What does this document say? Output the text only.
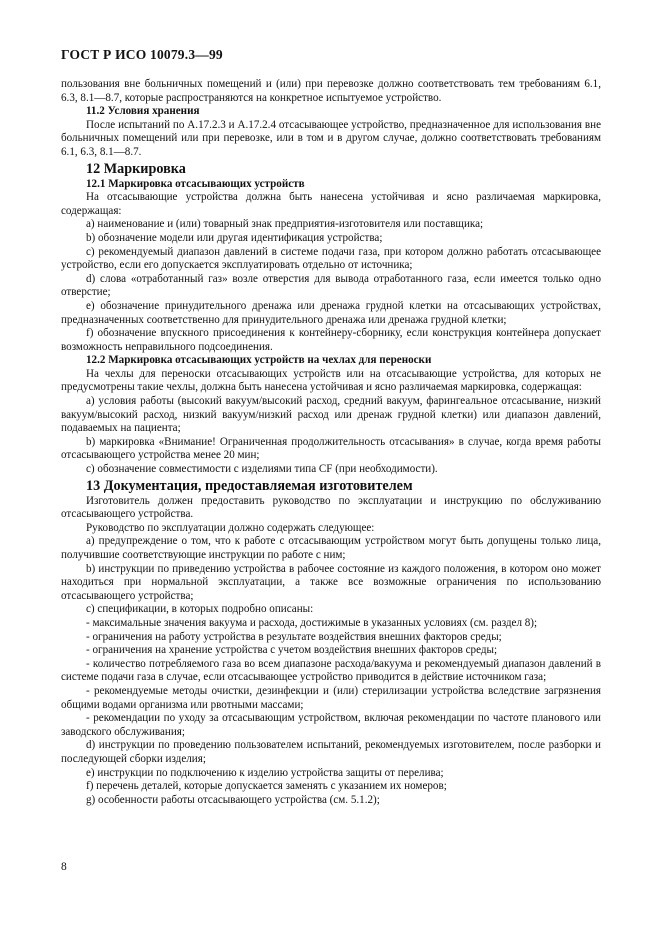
ГОСТ Р ИСО 10079.3—99

пользования вне больничных помещений и (или) при перевозке должно соответствовать тем требованиям 6.1, 6.3, 8.1—8.7, которые распространяются на конкретное испытуемое устройство.

11.2 Условия хранения

После испытаний по А.17.2.3 и А.17.2.4 отсасывающее устройство, предназначенное для использования вне больничных помещений или при перевозке, или в том и в другом случае, должно соответствовать требованиям 6.1, 6.3, 8.1—8.7.

12 Маркировка

12.1 Маркировка отсасывающих устройств

На отсасывающие устройства должна быть нанесена устойчивая и ясно различаемая маркировка, содержащая:

а) наименование и (или) товарный знак предприятия-изготовителя или поставщика;

b) обозначение модели или другая идентификация устройства;

с) рекомендуемый диапазон давлений в системе подачи газа, при котором должно работать отсасывающее устройство, если его допускается эксплуатировать отдельно от источника;

d) слова «отработанный газ» возле отверстия для вывода отработанного газа, если имеется только одно отверстие;

е) обозначение принудительного дренажа или дренажа грудной клетки на отсасывающих устройствах, предназначенных соответственно для принудительного дренажа или дренажа грудной клетки;

f) обозначение впускного присоединения к контейнеру-сборнику, если конструкция контейнера допускает возможность неправильного подсоединения.

12.2 Маркировка отсасывающих устройств на чехлах для переноски

На чехлы для переноски отсасывающих устройств или на отсасывающие устройства, для которых не предусмотрены такие чехлы, должна быть нанесена устойчивая и ясно различаемая маркировка, содержащая:

а) условия работы (высокий вакуум/высокий расход, средний вакуум, фарингеальное отсасывание, низкий вакуум/высокий расход, низкий вакуум/низкий расход или дренаж грудной клетки) или диапазон давлений, подаваемых на пациента;

b) маркировка «Внимание! Ограниченная продолжительность отсасывания» в случае, когда время работы отсасывающего устройства менее 20 мин;

с) обозначение совместимости с изделиями типа CF (при необходимости).

13 Документация, предоставляемая изготовителем

Изготовитель должен предоставить руководство по эксплуатации и инструкцию по обслуживанию отсасывающего устройства.

Руководство по эксплуатации должно содержать следующее:

а) предупреждение о том, что к работе с отсасывающим устройством могут быть допущены только лица, получившие соответствующие инструкции по работе с ним;

b) инструкции по приведению устройства в рабочее состояние из каждого положения, в котором оно может находиться при нормальной эксплуатации, а также все возможные ограничения по использованию отсасывающего устройства;

с) спецификации, в которых подробно описаны:

- максимальные значения вакуума и расхода, достижимые в указанных условиях (см. раздел 8);

- ограничения на работу устройства в результате воздействия внешних факторов среды;

- ограничения на хранение устройства с учетом воздействия внешних факторов среды;

- количество потребляемого газа во всем диапазоне расхода/вакуума и рекомендуемый диапазон давлений в системе подачи газа в случае, если отсасывающее устройство приводится в действие источником газа;

- рекомендуемые методы очистки, дезинфекции и (или) стерилизации устройства вследствие загрязнения общими водами организма или рвотными массами;

- рекомендации по уходу за отсасывающим устройством, включая рекомендации по частоте планового или заводского обслуживания;

d) инструкции по проведению пользователем испытаний, рекомендуемых изготовителем, после разборки и последующей сборки изделия;

е) инструкции по подключению к изделию устройства защиты от перелива;

f) перечень деталей, которые допускается заменять с указанием их номеров;

g) особенности работы отсасывающего устройства (см. 5.1.2);

8
